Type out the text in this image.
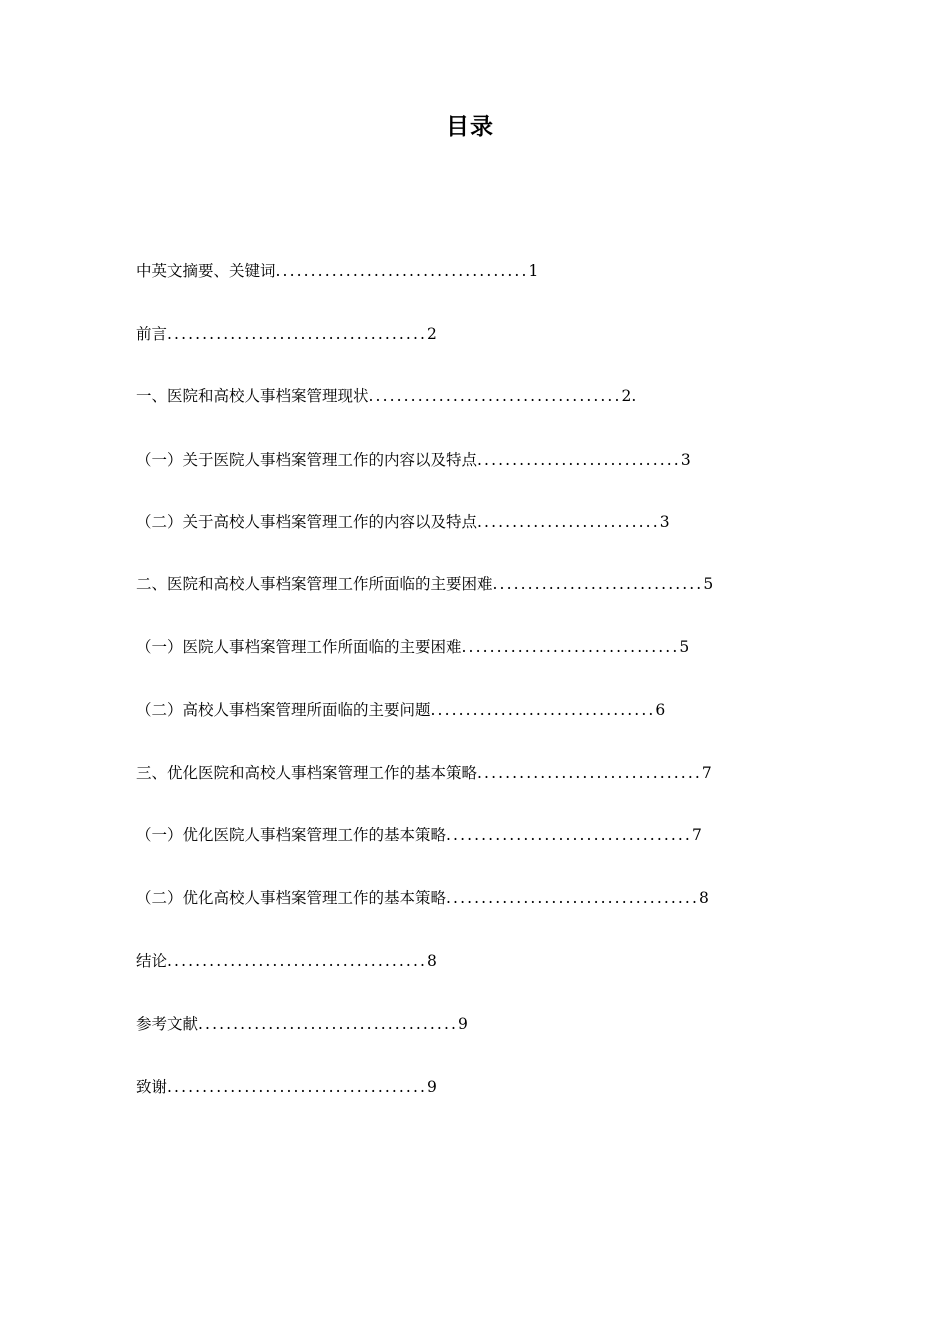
目录
中英文摘要、关键词....................................1
前言.....................................2
一、医院和高校人事档案管理现状....................................2.
（一）关于医院人事档案管理工作的内容以及特点.............................3
（二）关于高校人事档案管理工作的内容以及特点..........................3
二、医院和高校人事档案管理工作所面临的主要困难..............................5
（一）医院人事档案管理工作所面临的主要困难...............................5
（二）高校人事档案管理所面临的主要问题................................6
三、优化医院和高校人事档案管理工作的基本策略................................7
（一）优化医院人事档案管理工作的基本策略...................................7
（二）优化高校人事档案管理工作的基本策略....................................8
结论.....................................8
参考文献.....................................9
致谢.....................................9
